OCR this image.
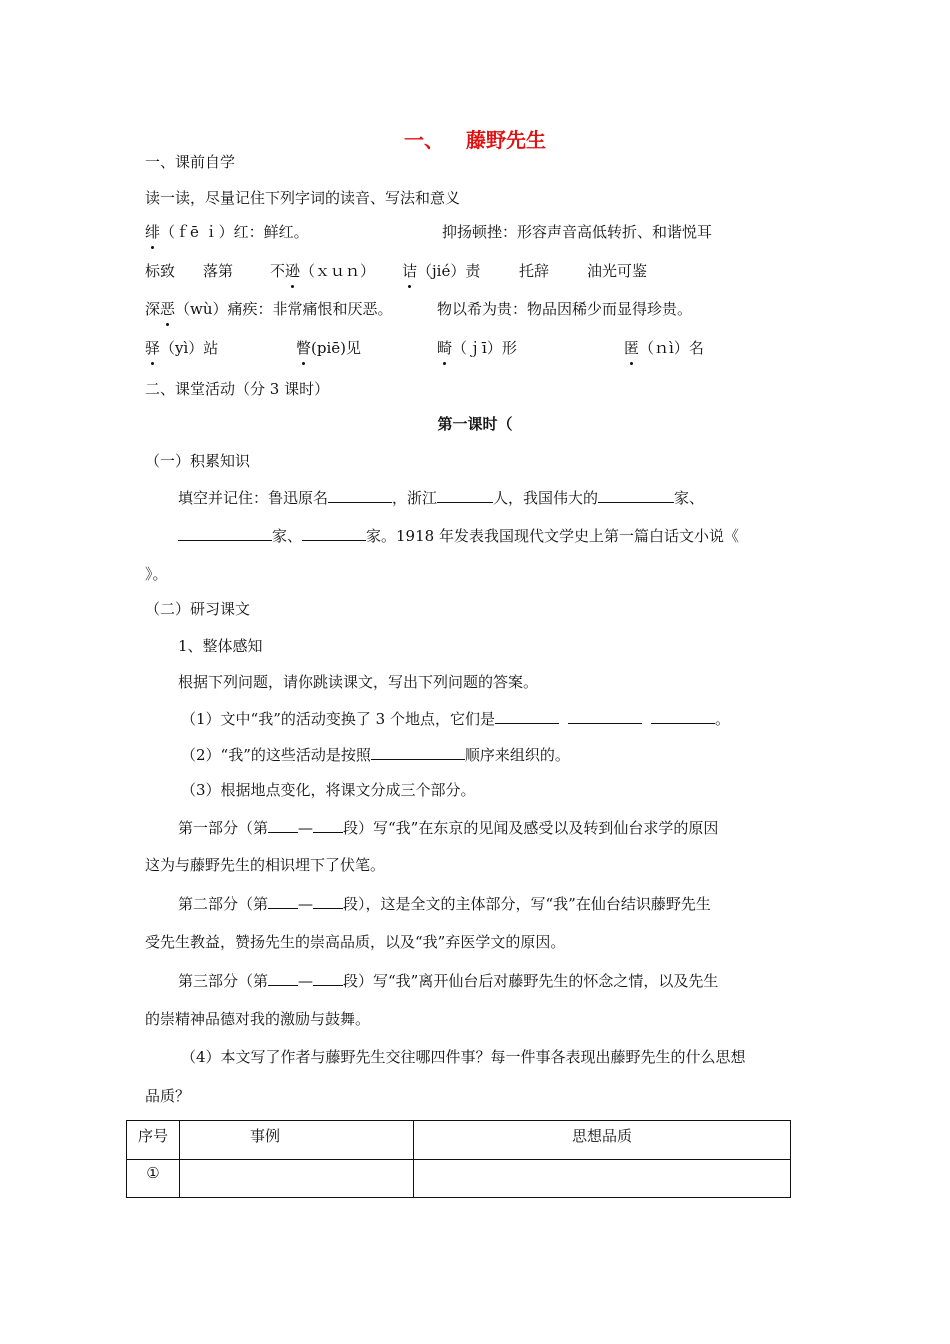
一、 藤野先生
一、课前自学
读一读，尽量记住下列字词的读音、写法和意义
绯（ｆē ｉ）红：鲜红。	抑扬顿挫：形容声音高低转折、和谐悦耳
标致 落第 不逊（ｘｕｎ） 诘（jié）责	托辞	油光可鉴
深恶（wù）痛疾：非常痛恨和厌恶。	物以希为贵：物品因稀少而显得珍贵。
驿（yì）站	瞥(piē)见	畸（ｊī）形	匿（ｎì）名
二、课堂活动（分 3 课时）
第一课时（
（一）积累知识
填空并记住：鲁迅原名	，浙江	人，我国伟大的	家、
家、	家。1918 年发表我国现代文学史上第一篇白话文小说《
》。
（二）研习课文
1、整体感知
根据下列问题，请你跳读课文，写出下列问题的答案。
（1）文中“我”的活动变换了 3 个地点，它们是	。
（2）“我”的这些活动是按照	顺序来组织的。
（3）根据地点变化，将课文分成三个部分。
第一部分（第 — 段）写“我”在东京的见闻及感受以及转到仙台求学的原因
这为与藤野先生的相识埋下了伏笔。
第二部分（第 — 段），这是全文的主体部分，写“我”在仙台结识藤野先生
受先生教益，赞扬先生的崇高品质，以及“我”弃医学文的原因。
第三部分（第 — 段）写“我”离开仙台后对藤野先生的怀念之情，以及先生
的崇精神品德对我的激励与鼓舞。
（4）本文写了作者与藤野先生交往哪四件事？每一件事各表现出藤野先生的什么思想
品质？
序号	事例	思想品质
①		
